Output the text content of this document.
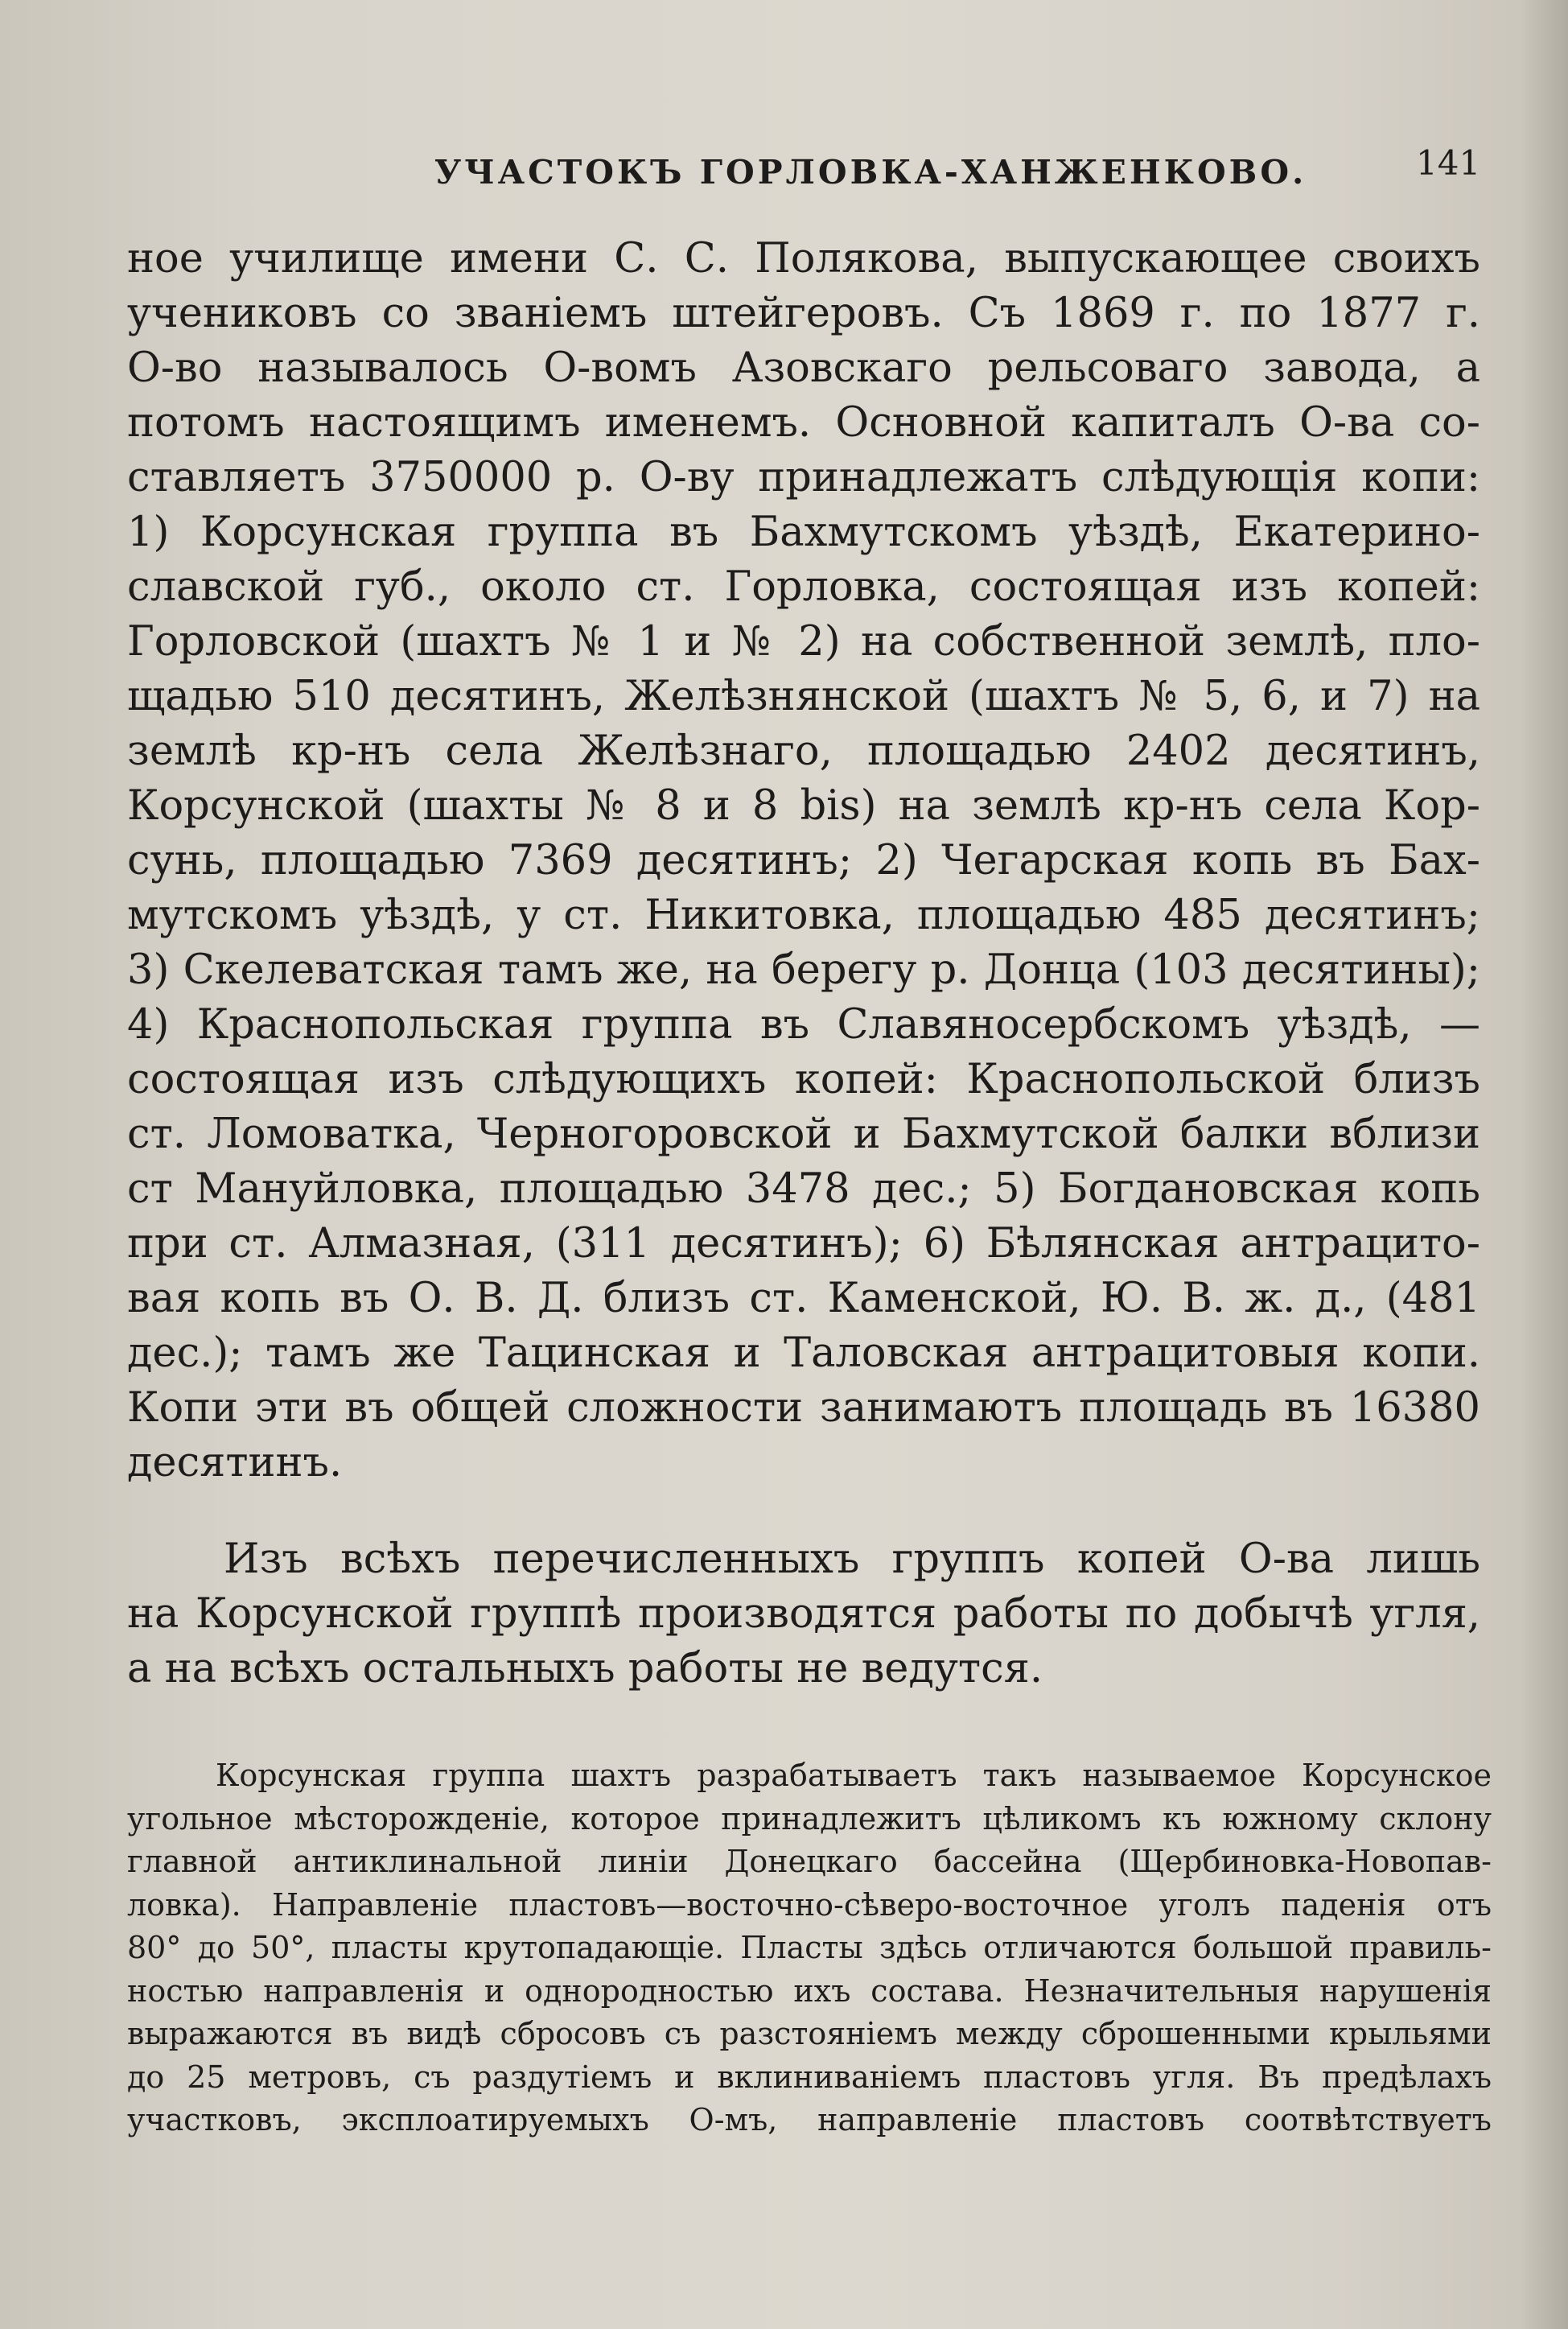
УЧАСТОКЪ ГОРЛОВКА-ХАНЖЕНКОВО.	141
ное училище имени С. С. Полякова, выпускающее своихъ
учениковъ со званіемъ штейгеровъ. Съ 1869 г. по 1877 г.
О-во называлось О-вомъ Азовскаго рельсоваго завода, а
потомъ настоящимъ именемъ. Основной капиталъ О-ва со-
ставляетъ 3750000 р. О-ву принадлежатъ слѣдующія копи:
1) Корсунская группа въ Бахмутскомъ уѣздѣ, Екатерино-
славской губ., около ст. Горловка, состоящая изъ копей:
Горловской (шахтъ № 1 и № 2) на собственной землѣ, пло-
щадью 510 десятинъ, Желѣзнянской (шахтъ № 5, 6, и 7) на
землѣ кр-нъ села Желѣзнаго, площадью 2402 десятинъ,
Корсунской (шахты № 8 и 8 bis) на землѣ кр-нъ села Кор-
сунь, площадью 7369 десятинъ; 2) Чегарская копь въ Бах-
мутскомъ уѣздѣ, у ст. Никитовка, площадью 485 десятинъ;
3) Скелеватская тамъ же, на берегу р. Донца (103 десятины);
4) Краснопольская группа въ Славяносербскомъ уѣздѣ, —
состоящая изъ слѣдующихъ копей: Краснопольской близъ
ст. Ломоватка, Черногоровской и Бахмутской балки вблизи
ст Мануйловка, площадью 3478 дес.; 5) Богдановская копь
при ст. Алмазная, (311 десятинъ); 6) Бѣлянская антрацито-
вая копь въ О. В. Д. близъ ст. Каменской, Ю. В. ж. д., (481
дес.); тамъ же Тацинская и Таловская антрацитовыя копи.
Копи эти въ общей сложности занимаютъ площадь въ 16380
десятинъ.
Изъ всѣхъ перечисленныхъ группъ копей О-ва лишь
на Корсунской группѣ производятся работы по добычѣ угля,
а на всѣхъ остальныхъ работы не ведутся.
Корсунская группа шахтъ разрабатываетъ такъ называемое Корсунское
угольное мѣсторожденіе, которое принадлежитъ цѣликомъ къ южному склону
главной антиклинальной линіи Донецкаго бассейна (Щербиновка-Новопав-
ловка). Направленіе пластовъ—восточно-сѣверо-восточное уголъ паденія отъ
80° до 50°, пласты крутопадающіе. Пласты здѣсь отличаются большой правиль-
ностью направленія и однородностью ихъ состава. Незначительныя нарушенія
выражаются въ видѣ сбросовъ съ разстояніемъ между сброшенными крыльями
до 25 метровъ, съ раздутіемъ и вклиниваніемъ пластовъ угля. Въ предѣлахъ
участковъ, эксплоатируемыхъ О-мъ, направленіе пластовъ соотвѣтствуетъ
